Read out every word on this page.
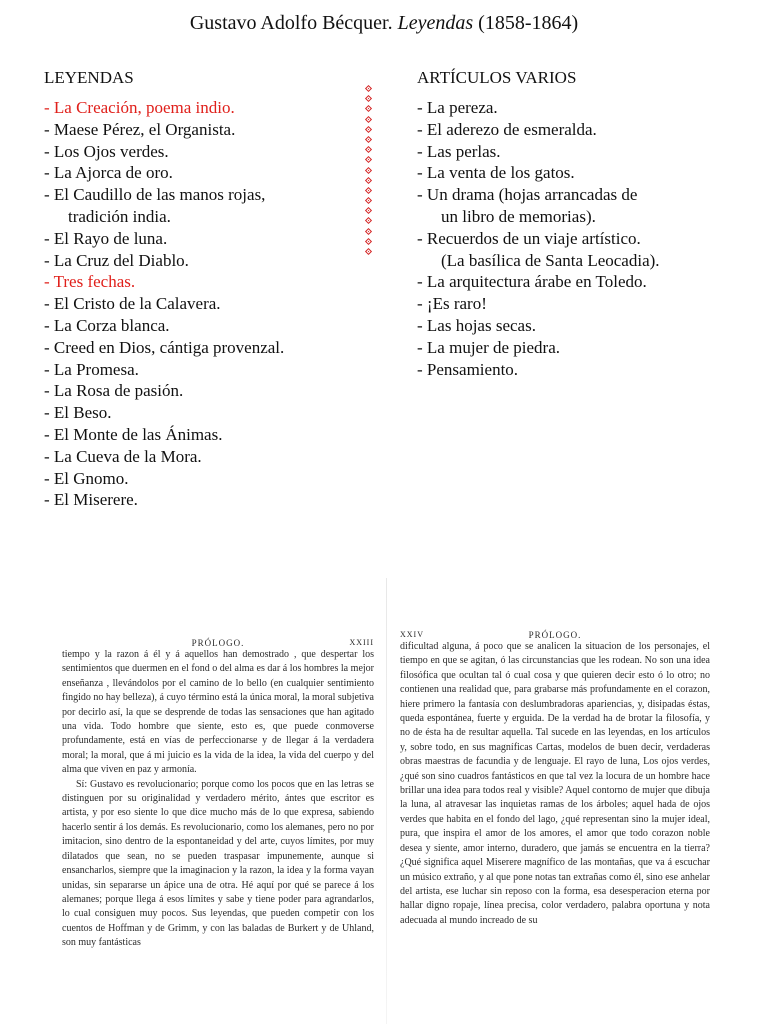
Gustavo Adolfo Bécquer. Leyendas (1858-1864)
LEYENDAS
- La Creación, poema indio.
- Maese Pérez, el Organista.
- Los Ojos verdes.
- La Ajorca de oro.
- El Caudillo de las manos rojas,
tradición india.
- El Rayo de luna.
- La Cruz del Diablo.
- Tres fechas.
- El Cristo de la Calavera.
- La Corza blanca.
- Creed en Dios, cántiga provenzal.
- La Promesa.
- La Rosa de pasión.
- El Beso.
- El Monte de las Ánimas.
- La Cueva de la Mora.
- El Gnomo.
- El Miserere.
ARTÍCULOS VARIOS
- La pereza.
- El aderezo de esmeralda.
- Las perlas.
- La venta de los gatos.
- Un drama (hojas arrancadas de
un libro de memorias).
- Recuerdos de un viaje artístico.
(La basílica de Santa Leocadia).
- La arquitectura árabe en Toledo.
- ¡Es raro!
- Las hojas secas.
- La mujer de piedra.
- Pensamiento.
PRÓLOGO.	XXIII

tiempo y la razon á él y á aquellos han demostrado , que despertar los sentimientos que duermen en el fond o del alma es dar á los hombres la mejor enseñanza , llevándolos por el camino de lo bello (en cualquier sentimiento fingido no hay belleza), á cuyo término está la única moral, la moral subjetiva por decirlo así, la que se desprende de todas las sensaciones que han agitado una vida. Todo hombre que siente, esto es, que puede conmoverse profundamente, está en vías de perfeccionarse y de llegar á la verdadera moral; la moral, que á mi juicio es la vida de la idea, la vida del cuerpo y del alma que viven en paz y armonía.

Sí: Gustavo es revolucionario; porque como los pocos que en las letras se distinguen por su originalidad y verdadero mérito, ántes que escritor es artista, y por eso siente lo que dice mucho más de lo que expresa, sabiendo hacerlo sentir á los demás. Es revolucionario, como los alemanes, pero no por imitacion, sino dentro de la espontaneidad y del arte, cuyos límites, por muy dilatados que sean, no se pueden traspasar impunemente, aunque si ensancharlos, siempre que la imaginacion y la razon, la idea y la forma vayan unidas, sin separarse un ápice una de otra. Hé aquí por qué se parece á los alemanes; porque llega á esos límites y sabe y tiene poder para agrandarlos, lo cual consiguen muy pocos. Sus leyendas, que pueden competir con los cuentos de Hoffman y de Grimm, y con las baladas de Burkert y de Uhland, son muy fantásticas

XXIV	PRÓLOGO.

dificultad alguna, á poco que se analicen la situacion de los personajes, el tiempo en que se agitan, ó las circunstancias que les rodean. No son una idea filosófica que ocultan tal ó cual cosa y que quieren decir esto ó lo otro; no contienen una realidad que, para grabarse más profundamente en el corazon, hiere primero la fantasía con deslumbradoras apariencias, y, disipadas éstas, queda espontánea, fuerte y erguida. De la verdad ha de brotar la filosofía, y no de ésta ha de resultar aquella. Tal sucede en las leyendas, en los artículos y, sobre todo, en sus magníficas Cartas, modelos de buen decir, verdaderas obras maestras de facundia y de lenguaje. El rayo de luna, Los ojos verdes, ¿qué son sino cuadros fantásticos en que tal vez la locura de un hombre hace brillar una idea para todos real y visible? Aquel contorno de mujer que dibuja la luna, al atravesar las inquietas ramas de los árboles; aquel hada de ojos verdes que habita en el fondo del lago, ¿qué representan sino la mujer ideal, pura, que inspira el amor de los amores, el amor que todo corazon noble desea y siente, amor interno, duradero, que jamás se encuentra en la tierra? ¿Qué significa aquel Miserere magnífico de las montañas, que va á escuchar un músico extraño, y al que pone notas tan extrañas como él, sino ese anhelar del artista, ese luchar sin reposo con la forma, esa desesperacion eterna por hallar digno ropaje, línea precisa, color verdadero, palabra oportuna y nota adecuada al mundo increado de su
